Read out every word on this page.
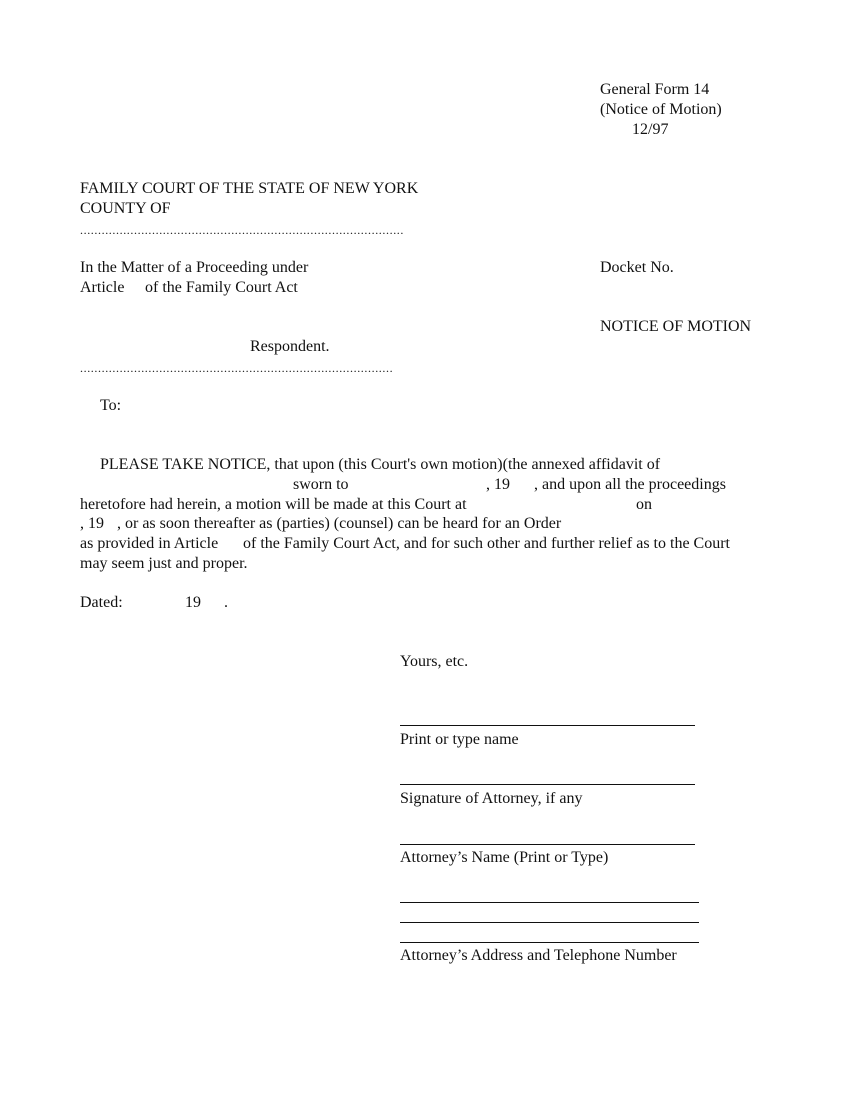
General Form 14
(Notice of Motion)
12/97
FAMILY COURT OF THE STATE OF NEW YORK
COUNTY OF
..........................................................................................
In the Matter of a Proceeding under
Article of the Family Court Act
Docket No.
NOTICE OF MOTION
Respondent.
.......................................................................................
To:
PLEASE TAKE NOTICE, that upon (this Court's own motion)(the annexed affidavit of
sworn to	, 19 , and upon all the proceedings
heretofore had herein, a motion will be made at this Court at	on
, 19 , or as soon thereafter as (parties) (counsel) can be heard for an Order
as provided in Article of the Family Court Act, and for such other and further relief as to the Court
may seem just and proper.
Dated:	19 .
Yours, etc.
Print or type name
Signature of Attorney, if any
Attorney’s Name (Print or Type)
Attorney’s Address and Telephone Number
